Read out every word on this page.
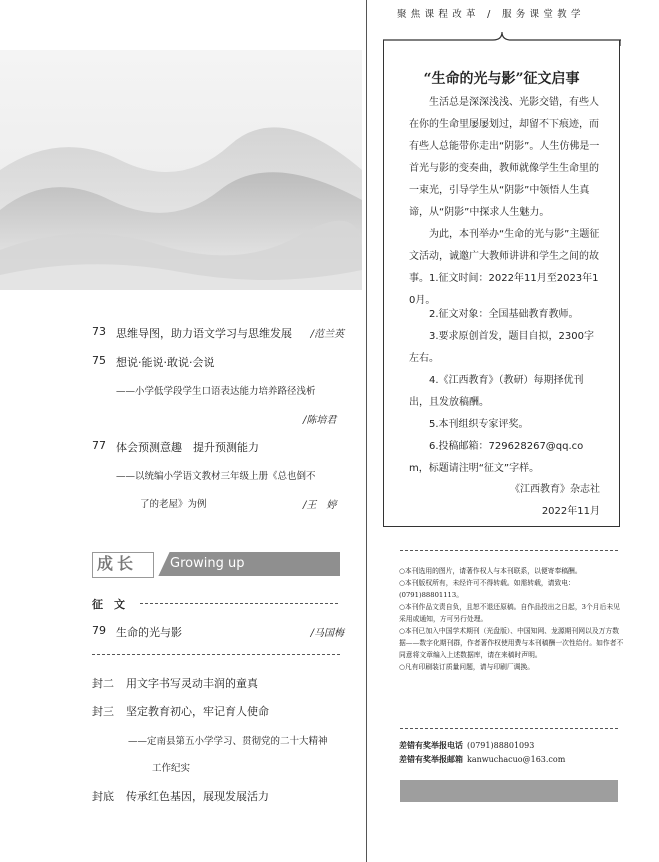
73 思维导图，助力语文学习与思维发展 /范兰英
75 想说·能说·敢说·会说
——小学低学段学生口语表达能力培养路径浅析
/陈培君
77 体会预测意趣　提升预测能力
——以统编小学语文教材三年级上册《总也倒不
了的老屋》为例	/王　婷
Growing up
成长
征　文
79 生命的光与影	/马国梅
封二 用文字书写灵动丰润的童真
封三 坚定教育初心，牢记育人使命
——定南县第五小学学习、贯彻党的二十大精神
工作纪实
封底 传承红色基因，展现发展活力
聚焦课程改革 / 服务课堂教学
“生命的光与影”征文启事
生活总是深深浅浅、光影交错，有些人在你的生命里屡屡划过，却留不下痕迹，而有些人总能带你走出“阴影”。人生仿佛是一首光与影的变奏曲，教师就像学生生命里的一束光，引导学生从“阴影”中领悟人生真谛，从“阴影”中探求人生魅力。
为此，本刊举办“生命的光与影”主题征文活动，诚邀广大教师讲讲和学生之间的故事。 1.征文时间：2022年11月至2023年10月。
2.征文对象：全国基础教育教师。
3.要求原创首发，题目自拟，2300字左右。
4.《江西教育》（教研）每期择优刊出，且发放稿酬。
5.本刊组织专家评奖。
6.投稿邮箱：729628267@qq.com，标题请注明“征文”字样。
《江西教育》杂志社
2022年11月

○本刊选用的图片，请著作权人与本刊联系，以便寄奉稿酬。

○本刊版权所有，未经许可不得转载。如需转载，请致电：(0791)88801113。

○本刊作品文责自负，且恕不退还原稿。自作品投出之日起，3个月后未见采用或通知，方可另行处理。

○本刊已加入中国学术期刊（光盘版）、中国知网、龙源期刊网以及万方数据——数字化期刊群，作者著作权使用费与本刊稿酬一次性给付。如作者不同意将文章编入上述数据库，请在来稿时声明。

○凡有印刷装订质量问题，请与印刷厂调换。

差错有奖举报电话 (0791)88801093
差错有奖举报邮箱 kanwuchacuo@163.com
